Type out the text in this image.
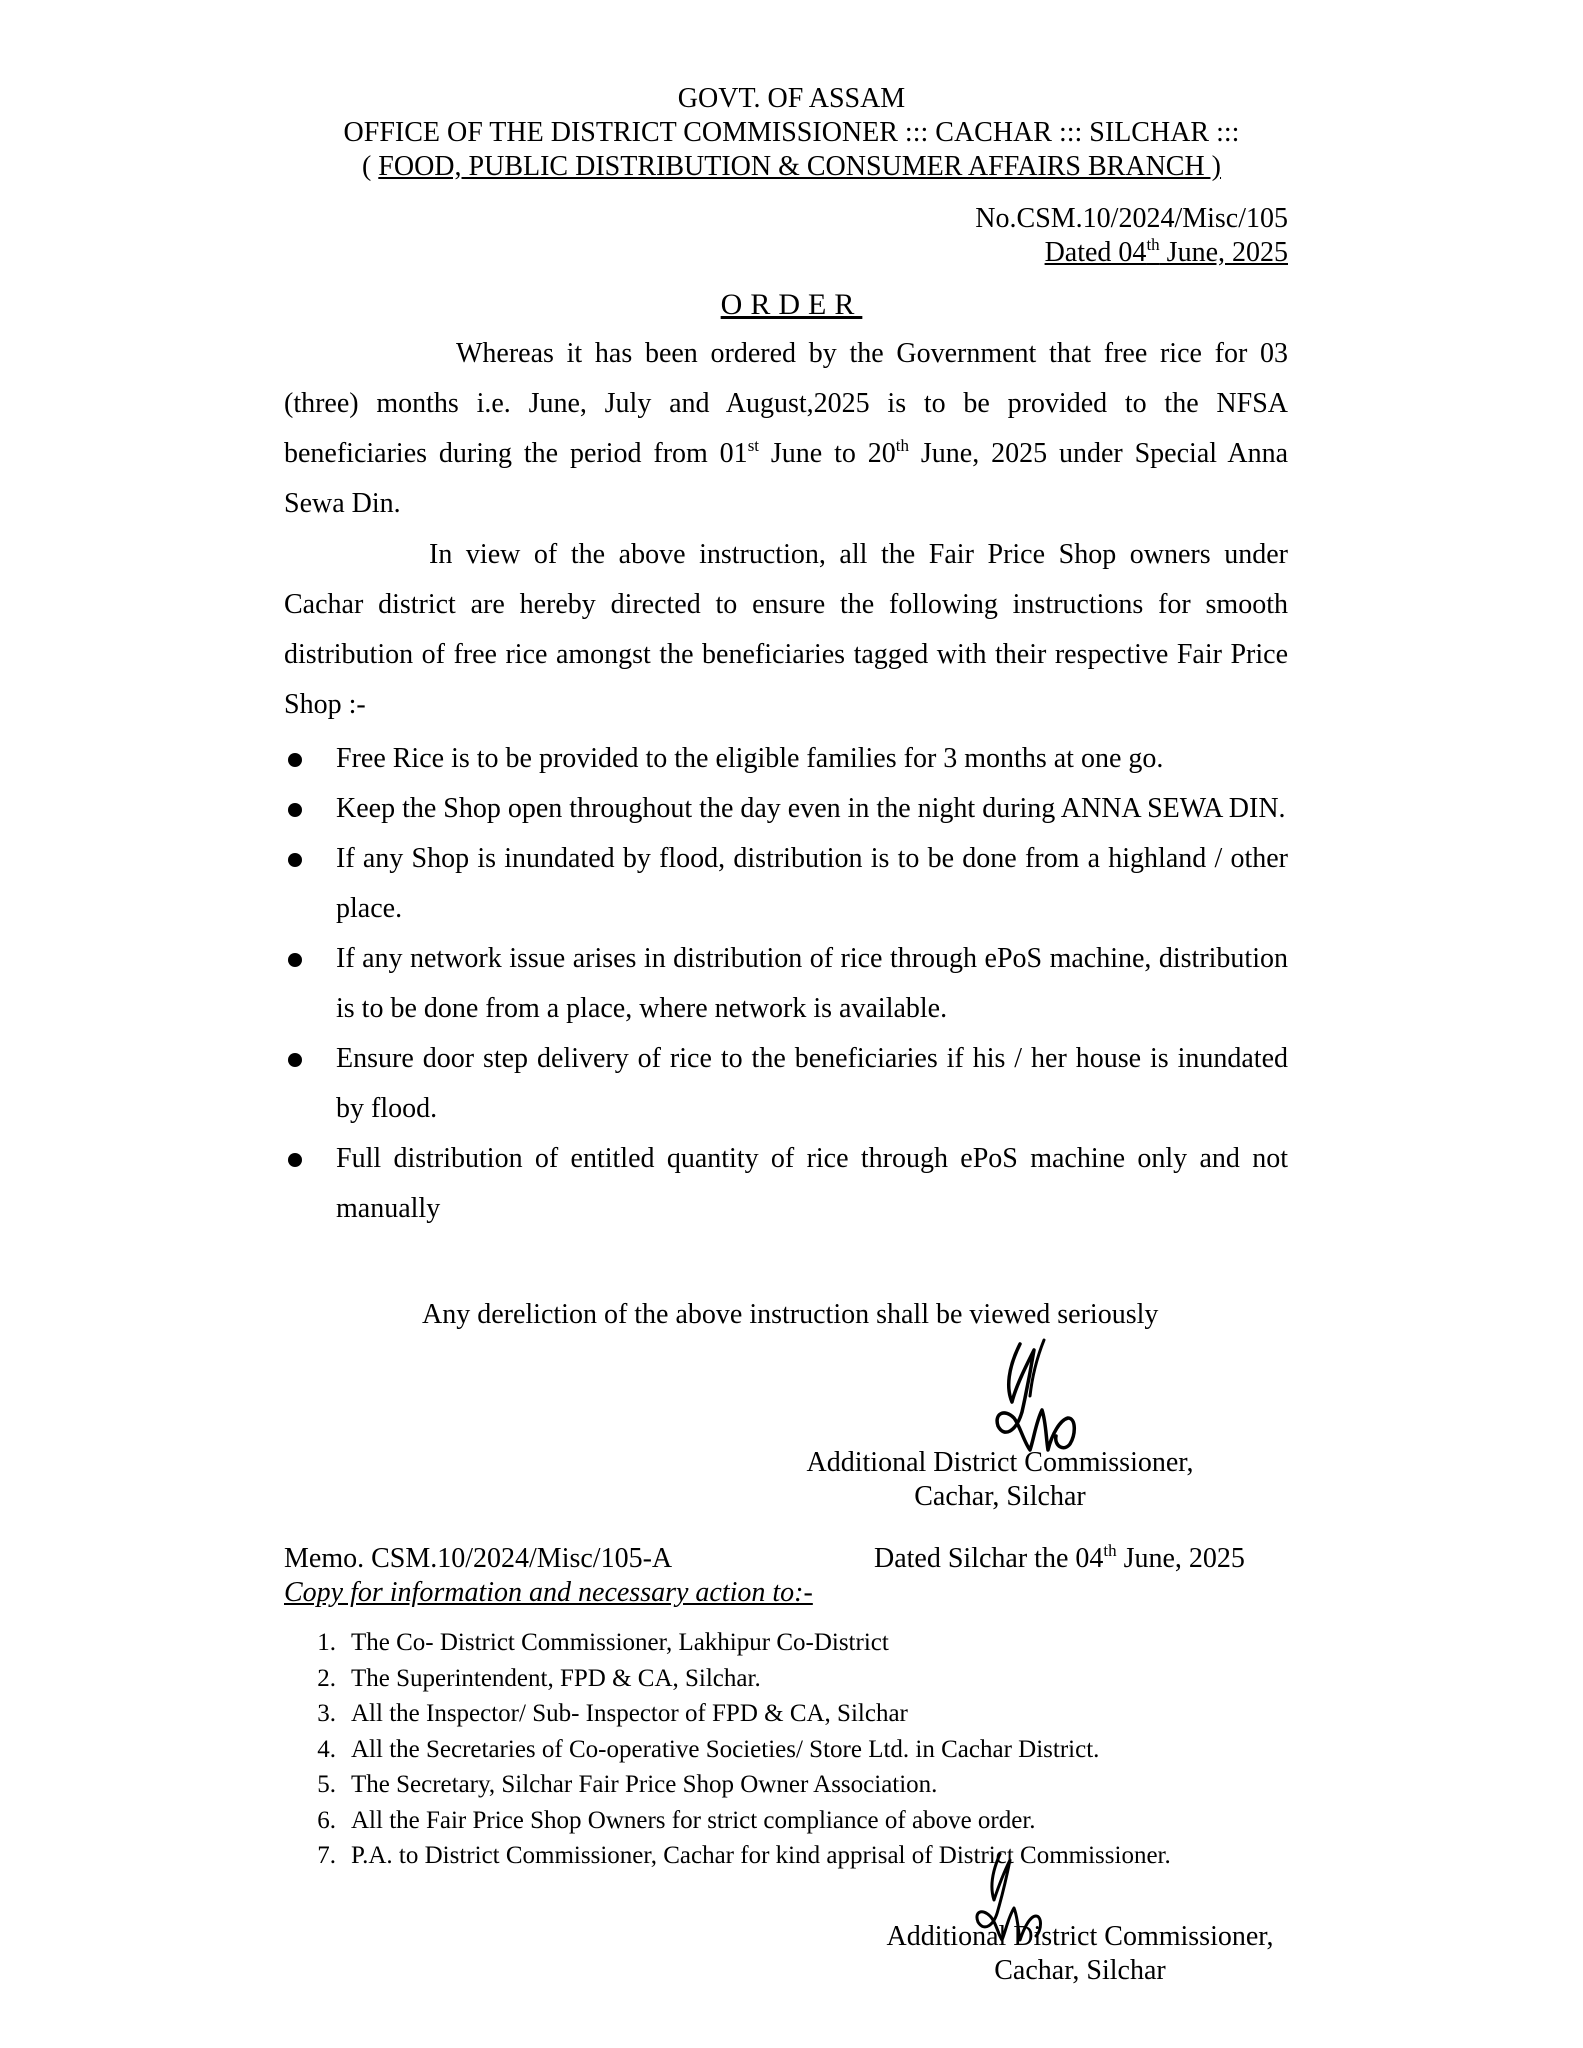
GOVT. OF ASSAM
OFFICE OF THE DISTRICT COMMISSIONER ::: CACHAR ::: SILCHAR :::
( FOOD, PUBLIC DISTRIBUTION & CONSUMER AFFAIRS BRANCH )
No.CSM.10/2024/Misc/105
Dated 04th June, 2025
ORDER
Whereas it has been ordered by the Government that free rice for 03 (three) months i.e. June, July and August,2025 is to be provided to the NFSA beneficiaries during the period from 01st June to 20th June, 2025 under Special Anna Sewa Din.
In view of the above instruction, all the Fair Price Shop owners under Cachar district are hereby directed to ensure the following instructions for smooth distribution of free rice amongst the beneficiaries tagged with their respective Fair Price Shop :-
Free Rice is to be provided to the eligible families for 3 months at one go.
Keep the Shop open throughout the day even in the night during ANNA SEWA DIN.
If any Shop is inundated by flood, distribution is to be done from a highland / other place.
If any network issue arises in distribution of rice through ePoS machine, distribution is to be done from a place, where network is available.
Ensure door step delivery of rice to the beneficiaries if his / her house is inundated by flood.
Full distribution of entitled quantity of rice through ePoS machine only and not manually
Any dereliction of the above instruction shall be viewed seriously
Additional District Commissioner,
Cachar, Silchar
Memo. CSM.10/2024/Misc/105-A	Dated Silchar the 04th June, 2025
Copy for information and necessary action to:-
1. The Co- District Commissioner, Lakhipur Co-District
2. The Superintendent, FPD & CA, Silchar.
3. All the Inspector/ Sub- Inspector of FPD & CA, Silchar
4. All the Secretaries of Co-operative Societies/ Store Ltd. in Cachar District.
5. The Secretary, Silchar Fair Price Shop Owner Association.
6. All the Fair Price Shop Owners for strict compliance of above order.
7. P.A. to District Commissioner, Cachar for kind apprisal of District Commissioner.
Additional District Commissioner,
Cachar, Silchar
